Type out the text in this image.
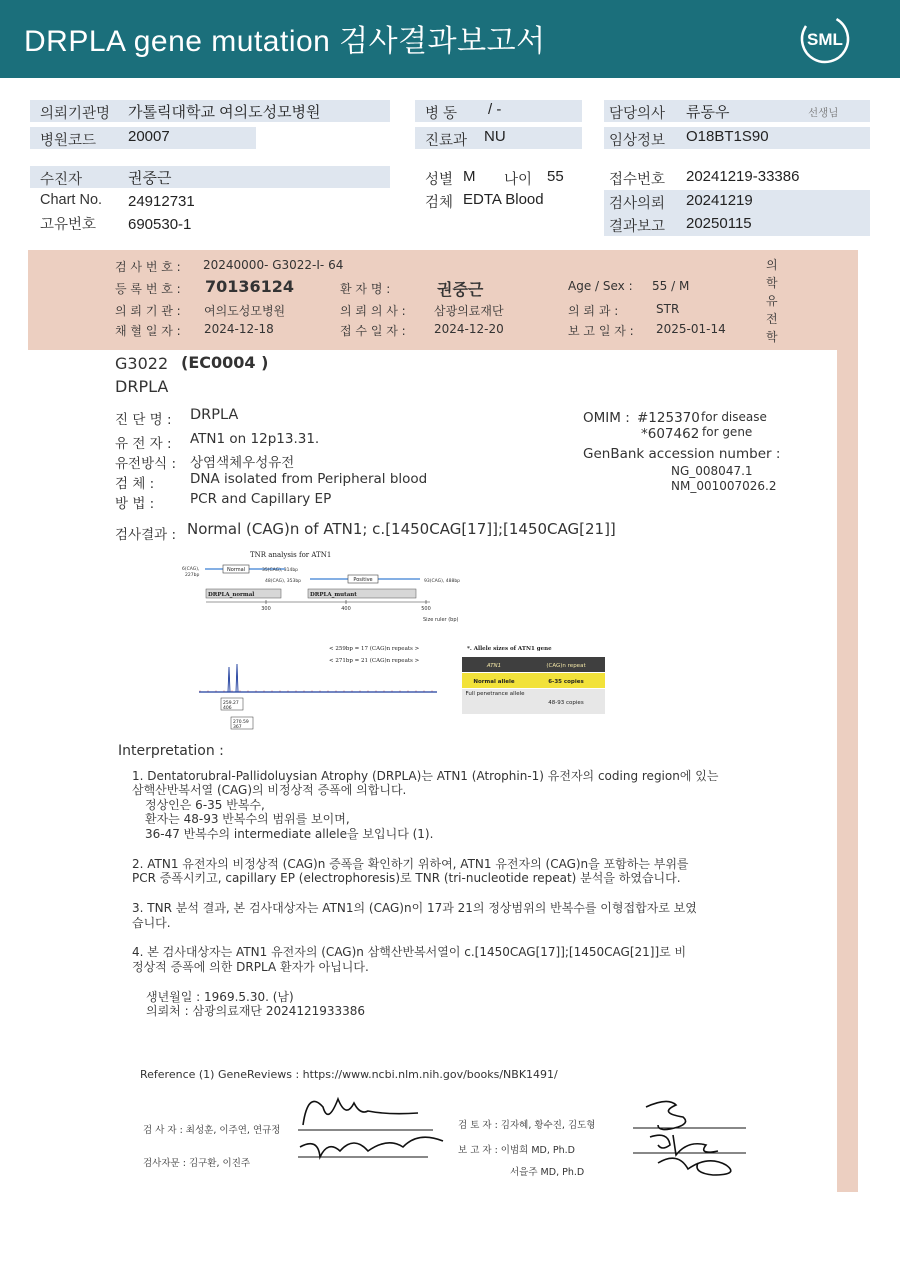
DRPLA gene mutation 검사결과보고서	SML
의뢰기관명 가톨릭대학교 여의도성모병원
병원코드 20007
병 동 / -
진료과 NU
담당의사 류동우	선생님
임상정보 O18BT1S90
수진자	권중근
Chart No. 24912731
고유번호 690530-1
성별 M 나이 55
검체 EDTA Blood
접수번호 20241219-33386
검사의뢰 20241219
결과보고 20250115
검 사 번 호 : 20240000- G3022-I- 64
등 록 번 호 : 70136124	환 자 명 :	권중근	Age / Sex : 55 / M
의 뢰 기 관 : 여의도성모병원	의 뢰 의 사 : 삼광의료재단	의 뢰 과 :	STR
채 혈 일 자 : 2024-12-18	접 수 일 자 : 2024-12-20	보 고 일 자 : 2025-01-14
의학유전학
G3022 (EC0004 )
DRPLA
진 단 명 : DRPLA
유 전 자 : ATN1 on 12p13.31.
유전방식 : 상염색체우성유전
검 체 :	DNA isolated from Peripheral blood
방 법 :	PCR and Capillary EP
OMIM : #125370 for disease
*607462 for gene
GenBank accession number :
NG_008047.1
NM_001007026.2
검사결과 : Normal (CAG)n of ATN1; c.[1450CAG[17]];[1450CAG[21]]
TNR analysis for ATN1
6(CAG),
227bp
Normal	35(CAG), 314bp
48(CAG), 353bp	Positive	93(CAG), 488bp
DRPLA_normal	DRPLA_mutant
300	400	500
Size ruler (bp)
< 259bp = 17 (CAG)n repeats >
< 271bp = 21 (CAG)n repeats >
259.27
406
270.59
367
*. Allele sizes of ATN1 gene
ATN1	(CAG)n repeat
Normal allele	6-35 copies
Full penetrance allele
48-93 copies
Interpretation :
1. Dentatorubral-Pallidoluysian Atrophy (DRPLA)는 ATN1 (Atrophin-1) 유전자의 coding region에 있는
삼핵산반복서열 (CAG)의 비정상적 증폭에 의합니다.
정상인은 6-35 반복수,
환자는 48-93 반복수의 범위를 보이며,
36-47 반복수의 intermediate allele을 보입니다 (1).
2. ATN1 유전자의 비정상적 (CAG)n 증폭을 확인하기 위하여, ATN1 유전자의 (CAG)n을 포함하는 부위를
PCR 증폭시키고, capillary EP (electrophoresis)로 TNR (tri-nucleotide repeat) 분석을 하였습니다.
3. TNR 분석 결과, 본 검사대상자는 ATN1의 (CAG)n이 17과 21의 정상범위의 반복수를 이형접합자로 보였
습니다.
4. 본 검사대상자는 ATN1 유전자의 (CAG)n 삼핵산반복서열이 c.[1450CAG[17]];[1450CAG[21]]로 비
정상적 증폭에 의한 DRPLA 환자가 아닙니다.
생년월일 : 1969.5.30. (남)
의뢰처 : 삼광의료재단 2024121933386
Reference (1) GeneReviews : https://www.ncbi.nlm.nih.gov/books/NBK1491/
검 사 자 : 최성훈, 이주연, 연규정
검사자문 : 김구환, 이진주
검 토 자 : 김자혜, 황수진, 김도형
보 고 자 : 이범희 MD, Ph.D
서을주 MD, Ph.D
